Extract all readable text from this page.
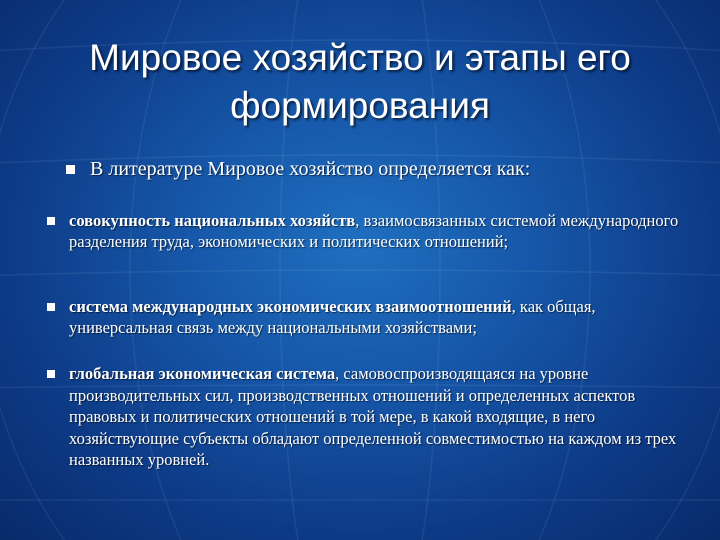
Мировое хозяйство и этапы его формирования
В литературе Мировое хозяйство определяется как:
совокупность национальных хозяйств, взаимосвязанных системой международного разделения труда, экономических и политических отношений;
система международных экономических взаимоотношений, как общая, универсальная связь между национальными хозяйствами;
глобальная экономическая система, самовоспроизводящаяся на уровне производительных сил, производственных отношений и определенных аспектов правовых и политических отношений в той мере, в какой входящие, в него хозяйствующие субъекты обладают определенной совместимостью на каждом из трех названных уровней.
